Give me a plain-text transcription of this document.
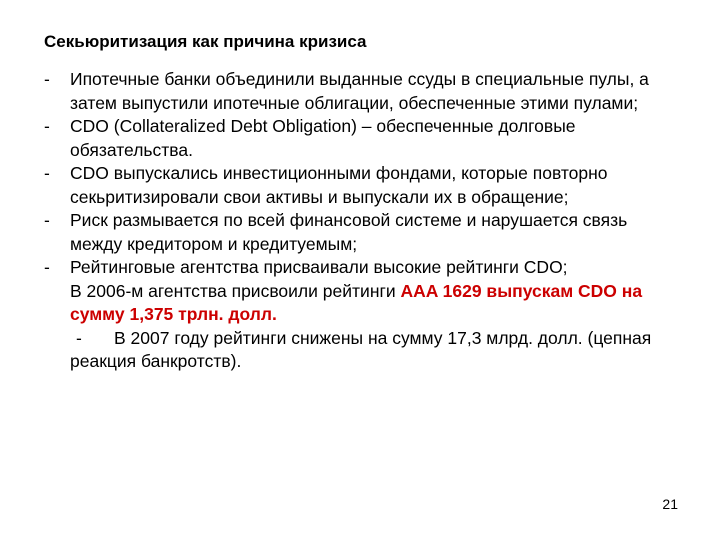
Секьюритизация как причина кризиса
- Ипотечные банки объединили выданные ссуды в специальные пулы, а затем выпустили ипотечные облигации, обеспеченные этими пулами;
- CDO (Collateralized Debt Obligation) – обеспеченные долговые обязательства.
- CDO выпускались инвестиционными фондами, которые повторно секьритизировали свои активы и выпускали их в обращение;
- Риск размывается по всей финансовой системе и нарушается связь между кредитором и кредитуемым;
- Рейтинговые агентства присваивали высокие рейтинги CDO;
В 2006-м агентства присвоили рейтинги AAA 1629 выпускам CDO на сумму 1,375 трлн. долл.
-	В 2007 году рейтинги снижены на сумму 17,3 млрд. долл. (цепная реакция банкротств).
21
